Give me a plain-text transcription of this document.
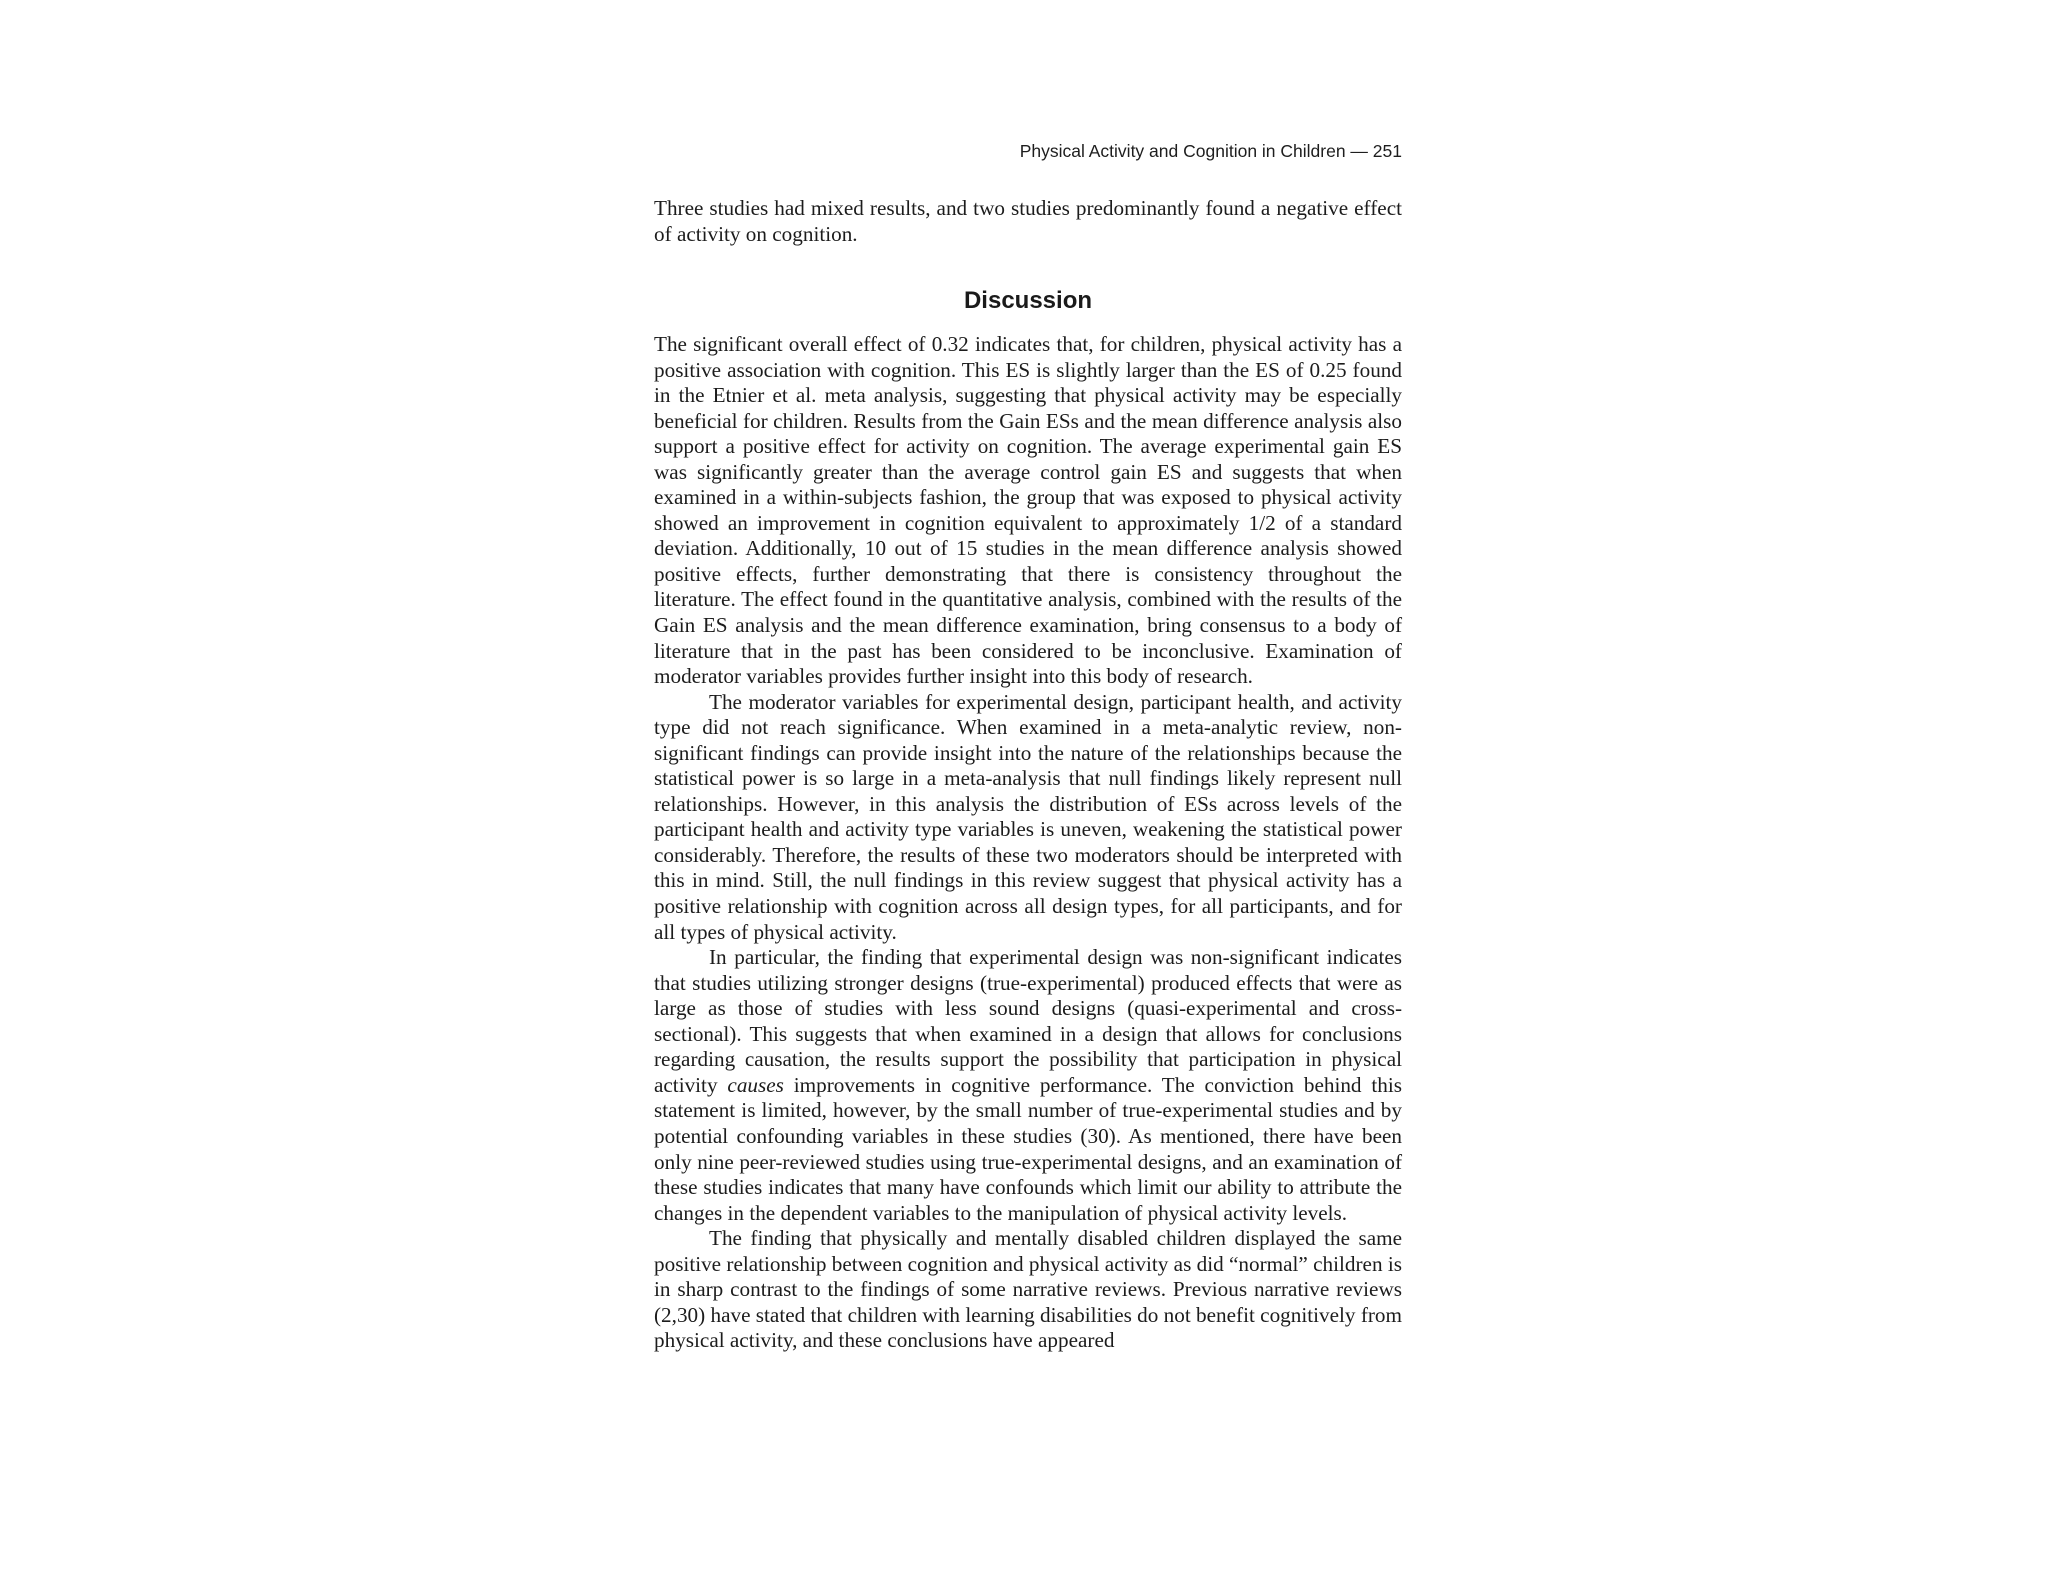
Physical Activity and Cognition in Children — 251

Three studies had mixed results, and two studies predominantly found a negative effect of activity on cognition.

Discussion

The significant overall effect of 0.32 indicates that, for children, physical activity has a positive association with cognition. This ES is slightly larger than the ES of 0.25 found in the Etnier et al. meta analysis, suggesting that physical activity may be especially beneficial for children. Results from the Gain ESs and the mean difference analysis also support a positive effect for activity on cognition. The average experimental gain ES was significantly greater than the average control gain ES and suggests that when examined in a within-subjects fashion, the group that was exposed to physical activity showed an improvement in cognition equivalent to approximately 1/2 of a standard deviation. Additionally, 10 out of 15 studies in the mean difference analysis showed positive effects, further demonstrating that there is consistency throughout the literature. The effect found in the quantitative analysis, combined with the results of the Gain ES analysis and the mean difference examination, bring consensus to a body of literature that in the past has been considered to be inconclusive. Examination of moderator variables provides further insight into this body of research.

The moderator variables for experimental design, participant health, and activity type did not reach significance. When examined in a meta-analytic review, non-significant findings can provide insight into the nature of the relationships because the statistical power is so large in a meta-analysis that null findings likely represent null relationships. However, in this analysis the distribution of ESs across levels of the participant health and activity type variables is uneven, weakening the statistical power considerably. Therefore, the results of these two moderators should be interpreted with this in mind. Still, the null findings in this review suggest that physical activity has a positive relationship with cognition across all design types, for all participants, and for all types of physical activity.

In particular, the finding that experimental design was non-significant indicates that studies utilizing stronger designs (true-experimental) produced effects that were as large as those of studies with less sound designs (quasi-experimental and cross-sectional). This suggests that when examined in a design that allows for conclusions regarding causation, the results support the possibility that participation in physical activity causes improvements in cognitive performance. The conviction behind this statement is limited, however, by the small number of true-experimental studies and by potential confounding variables in these studies (30). As mentioned, there have been only nine peer-reviewed studies using true-experimental designs, and an examination of these studies indicates that many have confounds which limit our ability to attribute the changes in the dependent variables to the manipulation of physical activity levels.

The finding that physically and mentally disabled children displayed the same positive relationship between cognition and physical activity as did “normal” children is in sharp contrast to the findings of some narrative reviews. Previous narrative reviews (2,30) have stated that children with learning disabilities do not benefit cognitively from physical activity, and these conclusions have appeared
